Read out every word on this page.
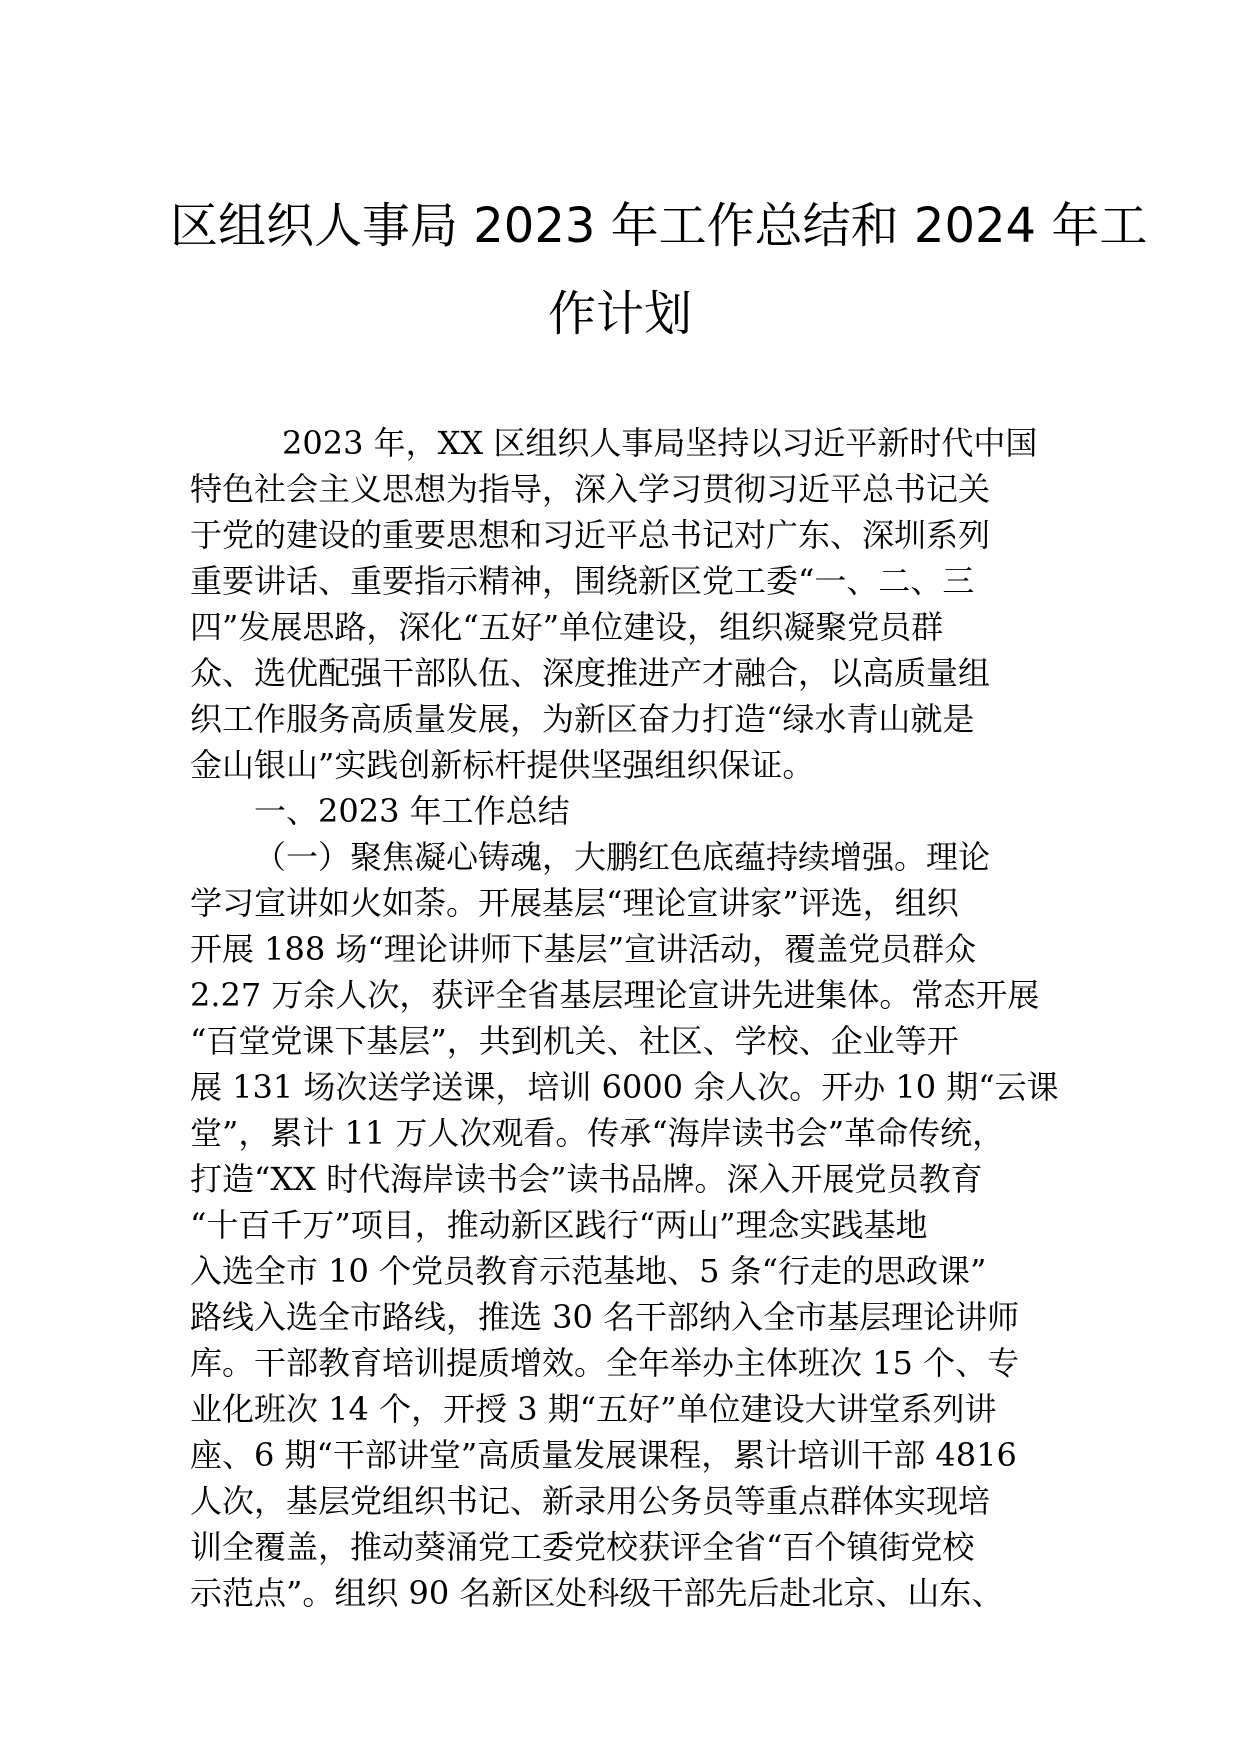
区组织人事局 2023 年工作总结和 2024 年工
作计划
2023 年，XX 区组织人事局坚持以习近平新时代中国
特色社会主义思想为指导，深入学习贯彻习近平总书记关
于党的建设的重要思想和习近平总书记对广东、深圳系列
重要讲话、重要指示精神，围绕新区党工委“一、二、三
四”发展思路，深化“五好”单位建设，组织凝聚党员群
众、选优配强干部队伍、深度推进产才融合，以高质量组
织工作服务高质量发展，为新区奋力打造“绿水青山就是
金山银山”实践创新标杆提供坚强组织保证。
一、2023 年工作总结
（一）聚焦凝心铸魂，大鹏红色底蕴持续增强。理论
学习宣讲如火如荼。开展基层“理论宣讲家”评选，组织
开展 188 场“理论讲师下基层”宣讲活动，覆盖党员群众
2.27 万余人次，获评全省基层理论宣讲先进集体。常态开展
“百堂党课下基层”，共到机关、社区、学校、企业等开
展 131 场次送学送课，培训 6000 余人次。开办 10 期“云课
堂”，累计 11 万人次观看。传承“海岸读书会”革命传统，
打造“XX 时代海岸读书会”读书品牌。深入开展党员教育
“十百千万”项目，推动新区践行“两山”理念实践基地
入选全市 10 个党员教育示范基地、5 条“行走的思政课”
路线入选全市路线，推选 30 名干部纳入全市基层理论讲师
库。干部教育培训提质增效。全年举办主体班次 15 个、专
业化班次 14 个，开授 3 期“五好”单位建设大讲堂系列讲
座、6 期“干部讲堂”高质量发展课程，累计培训干部 4816
人次，基层党组织书记、新录用公务员等重点群体实现培
训全覆盖，推动葵涌党工委党校获评全省“百个镇街党校
示范点”。组织 90 名新区处科级干部先后赴北京、山东、
